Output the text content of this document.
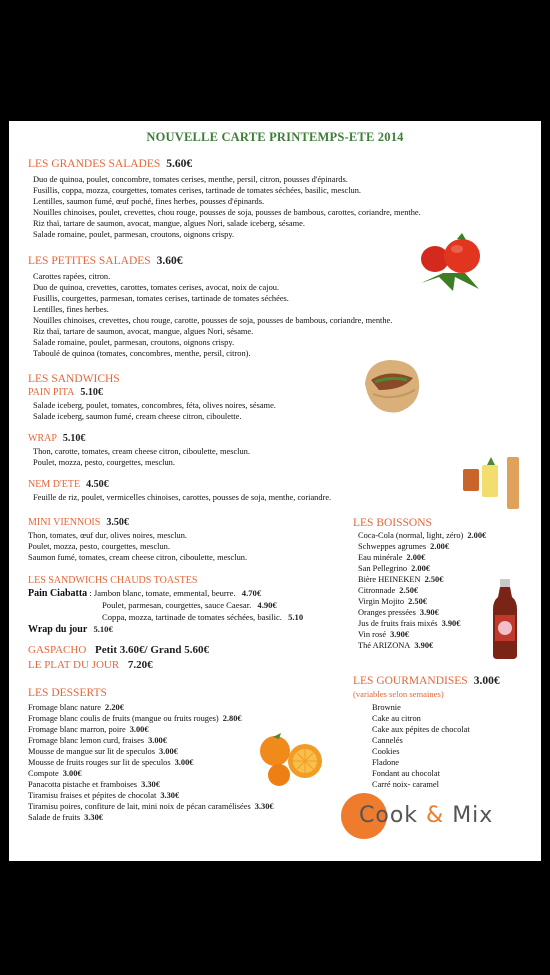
NOUVELLE CARTE PRINTEMPS-ETE 2014
LES GRANDES SALADES 5.60€
Duo de quinoa, poulet, concombre, tomates cerises, menthe, persil, citron, pousses d'épinards.
Fusillis, coppa, mozza, courgettes, tomates cerises, tartinade de tomates séchées, basilic, mesclun.
Lentilles, saumon fumé, œuf poché, fines herbes, pousses d'épinards.
Nouilles chinoises, poulet, crevettes, chou rouge, pousses de soja, pousses de bambous, carottes, coriandre, menthe.
Riz thaï, tartare de saumon, avocat, mangue, algues Nori, salade iceberg, sésame.
Salade romaine, poulet, parmesan, croutons, oignons crispy.
LES PETITES SALADES 3.60€
Carottes rapées, citron.
Duo de quinoa, crevettes, carottes, tomates cerises, avocat, noix de cajou.
Fusillis, courgettes, parmesan, tomates cerises, tartinade de tomates séchées.
Lentilles, fines herbes.
Nouilles chinoises, crevettes, chou rouge, carotte, pousses de soja, pousses de bambous, coriandre, menthe.
Riz thaï, tartare de saumon, avocat, mangue, algues Nori, sésame.
Salade romaine, poulet, parmesan, croutons, oignons crispy.
Taboulé de quinoa (tomates, concombres, menthe, persil, citron).
LES SANDWICHS
PAIN PITA 5.10€
Salade iceberg, poulet, tomates, concombres, féta, olives noires, sésame.
Salade iceberg, saumon fumé, cream cheese citron, ciboulette.
WRAP 5.10€
Thon, carotte, tomates, cream cheese citron, ciboulette, mesclun.
Poulet, mozza, pesto, courgettes, mesclun.
NEM D'ETE 4.50€
Feuille de riz, poulet, vermicelles chinoises, carottes, pousses de soja, menthe, coriandre.
MINI VIENNOIS 3.50€
Thon, tomates, œuf dur, olives noires, mesclun.
Poulet, mozza, pesto, courgettes, mesclun.
Saumon fumé, tomates, cream cheese citron, ciboulette, mesclun.
LES SANDWICHS CHAUDS TOASTES
Pain Ciabatta : Jambon blanc, tomate, emmental, beurre. 4.70€
Poulet, parmesan, courgettes, sauce Caesar. 4.90€
Coppa, mozza, tartinade de tomates séchées, basilic. 5.10
Wrap du jour 5.10€
GASPACHO Petit 3.60€/ Grand 5.60€
LE PLAT DU JOUR 7.20€
LES DESSERTS
Fromage blanc nature 2.20€
Fromage blanc coulis de fruits (mangue ou fruits rouges) 2.80€
Fromage blanc marron, poire 3.00€
Fromage blanc lemon curd, fraises 3.00€
Mousse de mangue sur lit de speculos 3.00€
Mousse de fruits rouges sur lit de speculos 3.00€
Compote 3.00€
Panacotta pistache et framboises 3.30€
Tiramisu fraises et pépites de chocolat 3.30€
Tiramisu poires, confiture de lait, mini noix de pécan caramélisées 3.30€
Salade de fruits 3.30€
LES BOISSONS
Coca-Cola (normal, light, zéro) 2.00€
Schweppes agrumes 2.00€
Eau minérale 2.00€
San Pellegrino 2.00€
Bière HEINEKEN 2.50€
Citronnade 2.50€
Virgin Mojito 2.50€
Oranges pressées 3.90€
Jus de fruits frais mixés 3.90€
Vin rosé 3.90€
Thé ARIZONA 3.90€
LES GOURMANDISES 3.00€
(variables selon semaines)
Brownie
Cake au citron
Cake aux pépites de chocolat
Cannelés
Cookies
Fladone
Fondant au chocolat
Carré noix- caramel
Cook & Mix
